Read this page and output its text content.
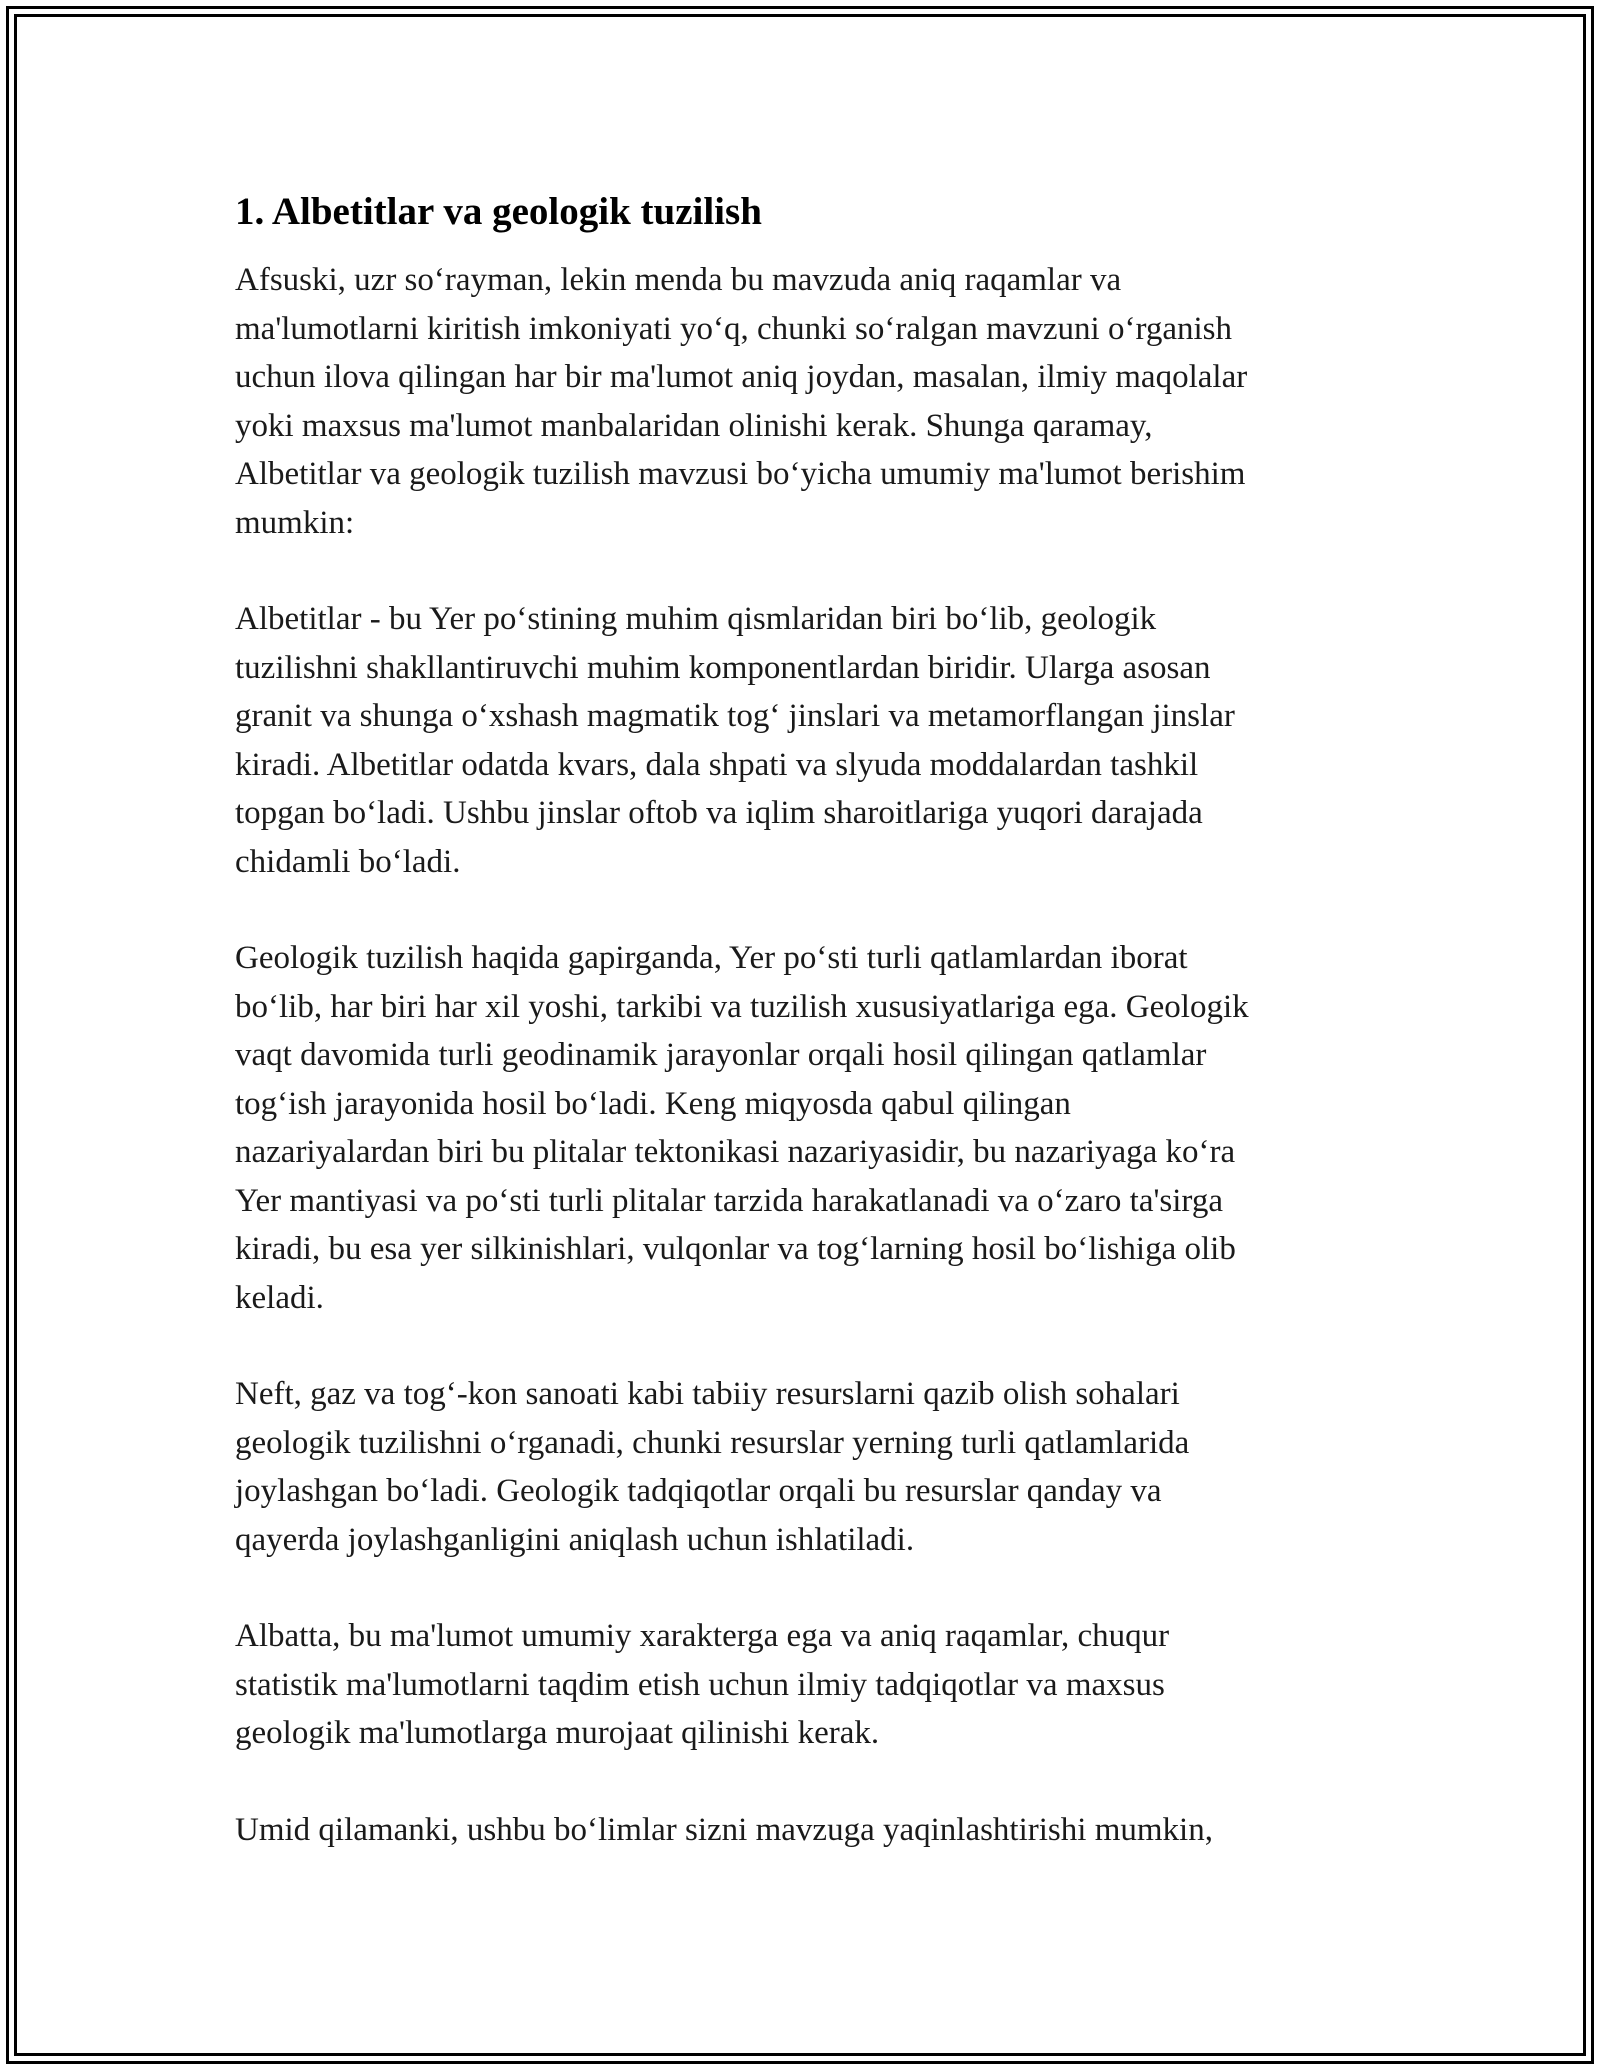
1. Albetitlar va geologik tuzilish

Afsuski, uzr so‘rayman, lekin menda bu mavzuda aniq raqamlar va
ma'lumotlarni kiritish imkoniyati yo‘q, chunki so‘ralgan mavzuni o‘rganish
uchun ilova qilingan har bir ma'lumot aniq joydan, masalan, ilmiy maqolalar
yoki maxsus ma'lumot manbalaridan olinishi kerak. Shunga qaramay,
Albetitlar va geologik tuzilish mavzusi bo‘yicha umumiy ma'lumot berishim
mumkin:

Albetitlar - bu Yer po‘stining muhim qismlaridan biri bo‘lib, geologik
tuzilishni shakllantiruvchi muhim komponentlardan biridir. Ularga asosan
granit va shunga o‘xshash magmatik tog‘ jinslari va metamorflangan jinslar
kiradi. Albetitlar odatda kvars, dala shpati va slyuda moddalardan tashkil
topgan bo‘ladi. Ushbu jinslar oftob va iqlim sharoitlariga yuqori darajada
chidamli bo‘ladi.

Geologik tuzilish haqida gapirganda, Yer po‘sti turli qatlamlardan iborat
bo‘lib, har biri har xil yoshi, tarkibi va tuzilish xususiyatlariga ega. Geologik
vaqt davomida turli geodinamik jarayonlar orqali hosil qilingan qatlamlar
tog‘ish jarayonida hosil bo‘ladi. Keng miqyosda qabul qilingan
nazariyalardan biri bu plitalar tektonikasi nazariyasidir, bu nazariyaga ko‘ra
Yer mantiyasi va po‘sti turli plitalar tarzida harakatlanadi va o‘zaro ta'sirga
kiradi, bu esa yer silkinishlari, vulqonlar va tog‘larning hosil bo‘lishiga olib
keladi.

Neft, gaz va tog‘-kon sanoati kabi tabiiy resurslarni qazib olish sohalari
geologik tuzilishni o‘rganadi, chunki resurslar yerning turli qatlamlarida
joylashgan bo‘ladi. Geologik tadqiqotlar orqali bu resurslar qanday va
qayerda joylashganligini aniqlash uchun ishlatiladi.

Albatta, bu ma'lumot umumiy xarakterga ega va aniq raqamlar, chuqur
statistik ma'lumotlarni taqdim etish uchun ilmiy tadqiqotlar va maxsus
geologik ma'lumotlarga murojaat qilinishi kerak.

Umid qilamanki, ushbu bo‘limlar sizni mavzuga yaqinlashtirishi mumkin,
